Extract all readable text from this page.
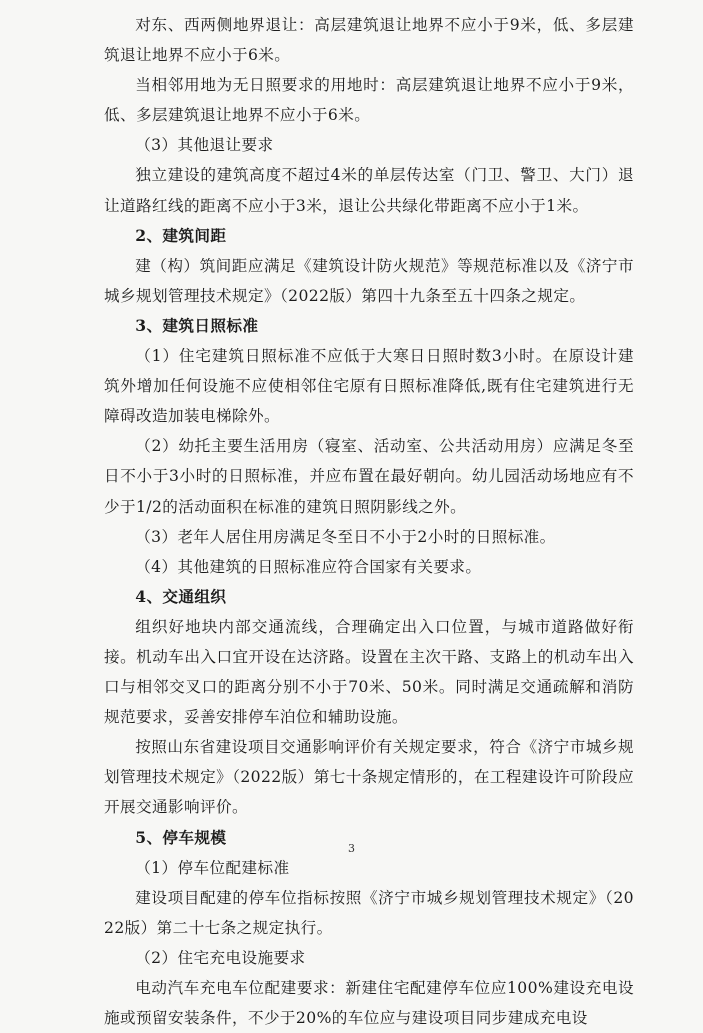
对东、西两侧地界退让：高层建筑退让地界不应小于9米，低、多层建筑退让地界不应小于6米。

当相邻用地为无日照要求的用地时：高层建筑退让地界不应小于9米，低、多层建筑退让地界不应小于6米。

（3）其他退让要求

独立建设的建筑高度不超过4米的单层传达室（门卫、警卫、大门）退让道路红线的距离不应小于3米，退让公共绿化带距离不应小于1米。

2、建筑间距

建（构）筑间距应满足《建筑设计防火规范》等规范标准以及《济宁市城乡规划管理技术规定》（2022版）第四十九条至五十四条之规定。

3、建筑日照标准

（1）住宅建筑日照标准不应低于大寒日日照时数3小时。在原设计建筑外增加任何设施不应使相邻住宅原有日照标准降低,既有住宅建筑进行无障碍改造加装电梯除外。

（2）幼托主要生活用房（寝室、活动室、公共活动用房）应满足冬至日不小于3小时的日照标准，并应布置在最好朝向。幼儿园活动场地应有不少于1/2的活动面积在标准的建筑日照阴影线之外。

（3）老年人居住用房满足冬至日不小于2小时的日照标准。

（4）其他建筑的日照标准应符合国家有关要求。

4、交通组织

组织好地块内部交通流线，合理确定出入口位置，与城市道路做好衔接。机动车出入口宜开设在达济路。设置在主次干路、支路上的机动车出入口与相邻交叉口的距离分别不小于70米、50米。同时满足交通疏解和消防规范要求，妥善安排停车泊位和辅助设施。

按照山东省建设项目交通影响评价有关规定要求，符合《济宁市城乡规划管理技术规定》（2022版）第七十条规定情形的，在工程建设许可阶段应开展交通影响评价。

5、停车规模

（1）停车位配建标准

建设项目配建的停车位指标按照《济宁市城乡规划管理技术规定》（2022版）第二十七条之规定执行。

（2）住宅充电设施要求

电动汽车充电车位配建要求：新建住宅配建停车位应100%建设充电设施或预留安装条件，不少于20%的车位应与建设项目同步建成充电设

3
